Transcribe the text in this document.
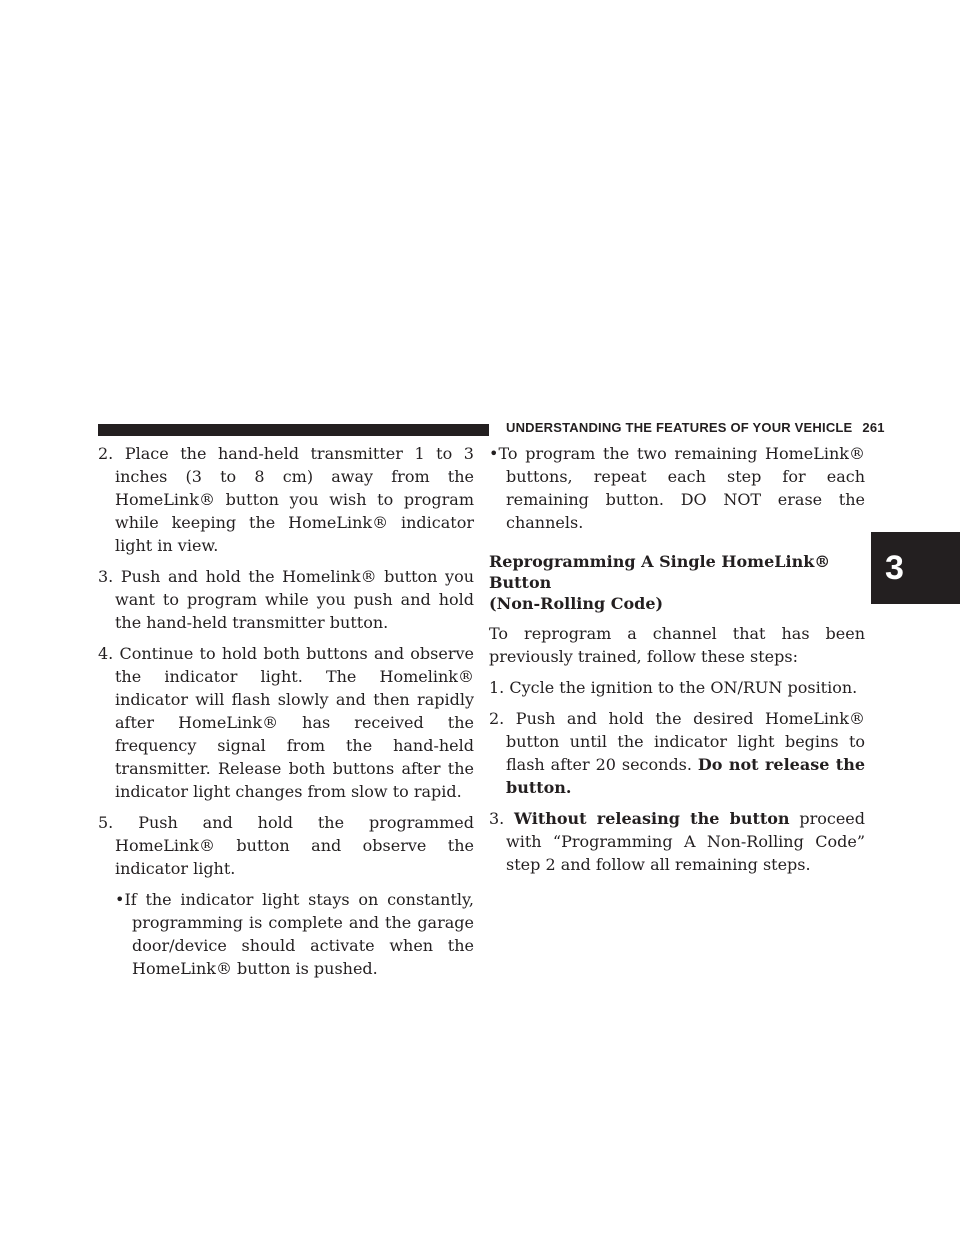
UNDERSTANDING THE FEATURES OF YOUR VEHICLE 261
3

2. Place the hand-held transmitter 1 to 3 inches (3 to 8 cm) away from the HomeLink® button you wish to program while keeping the HomeLink® indicator light in view.

3. Push and hold the Homelink® button you want to program while you push and hold the hand-held transmitter button.

4. Continue to hold both buttons and observe the indicator light. The Homelink® indicator will flash slowly and then rapidly after HomeLink® has received the frequency signal from the hand-held transmitter. Release both buttons after the indicator light changes from slow to rapid.

5. Push and hold the programmed HomeLink® button and observe the indicator light.

•If the indicator light stays on constantly, programming is complete and the garage door/device should activate when the HomeLink® button is pushed.

•To program the two remaining HomeLink® buttons, repeat each step for each remaining button. DO NOT erase the channels.

Reprogramming A Single HomeLink® Button
(Non-Rolling Code)

To reprogram a channel that has been previously trained, follow these steps:

1. Cycle the ignition to the ON/RUN position.

2. Push and hold the desired HomeLink® button until the indicator light begins to flash after 20 seconds. Do not release the button.

3. Without releasing the button proceed with “Programming A Non-Rolling Code” step 2 and follow all remaining steps.
